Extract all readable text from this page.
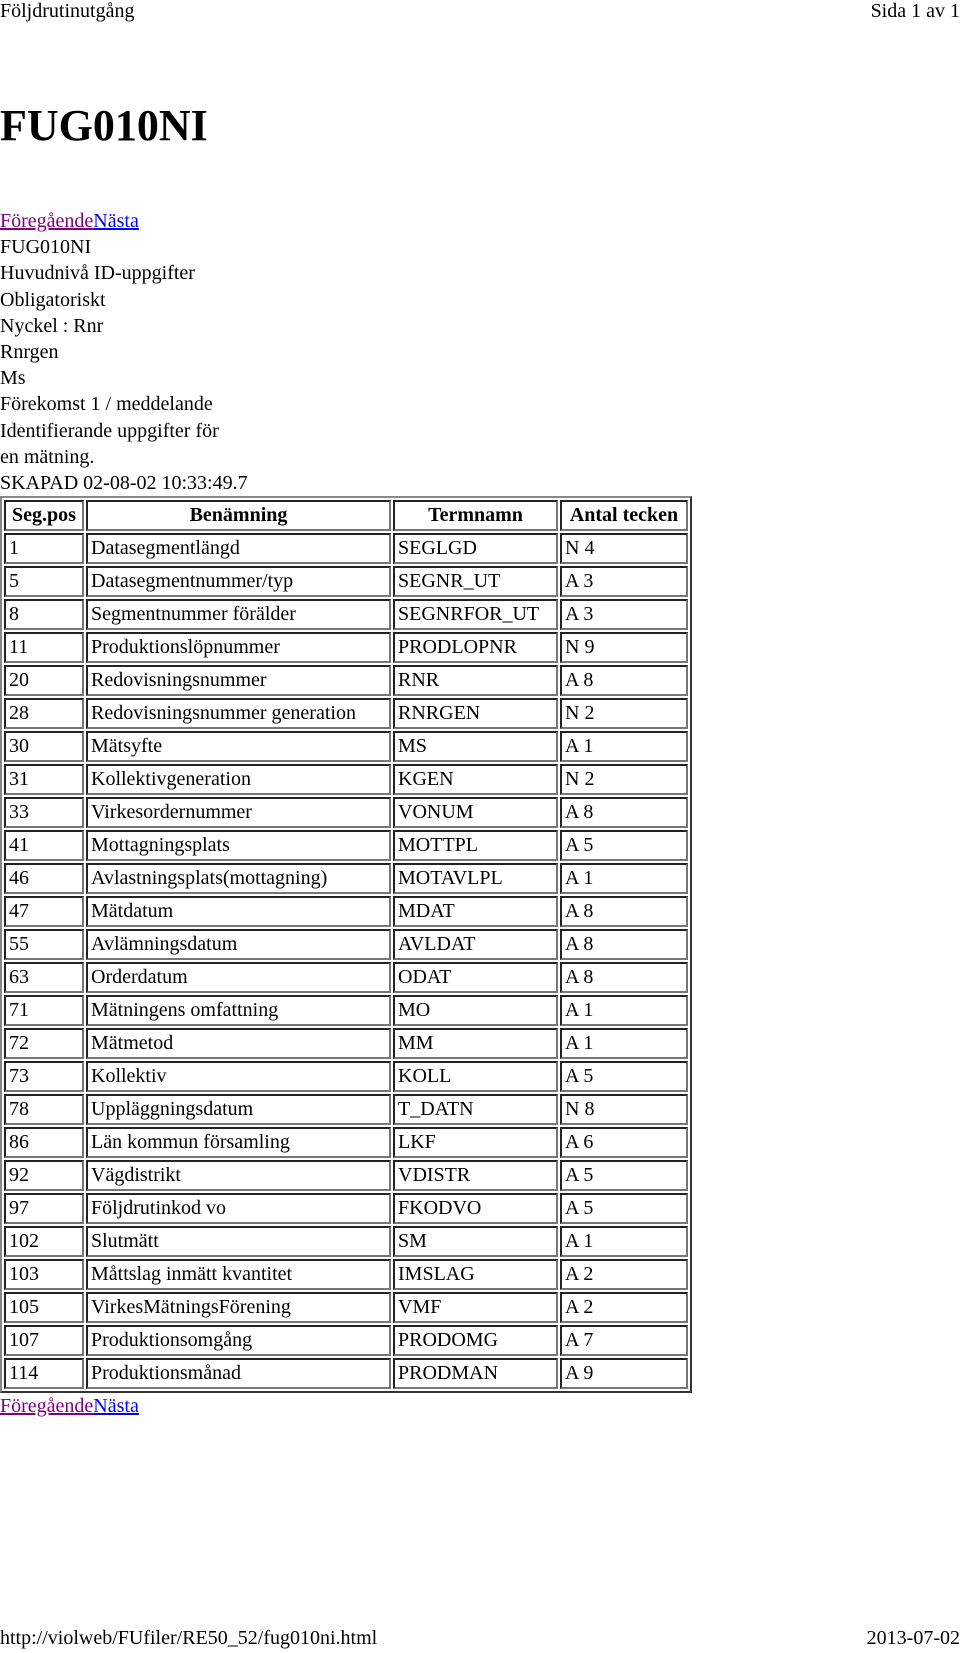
Följdrutinutgång	Sida 1 av 1
FUG010NI
FöregåendeNästa
FUG010NI
Huvudnivå ID-uppgifter
Obligatoriskt
Nyckel : Rnr
Rnrgen
Ms
Förekomst 1 / meddelande
Identifierande uppgifter för
en mätning.
SKAPAD 02-08-02 10:33:49.7
Seg.pos	Benämning	Termnamn	Antal tecken
1	Datasegmentlängd	SEGLGD	N 4
5	Datasegmentnummer/typ	SEGNR_UT	A 3
8	Segmentnummer förälder	SEGNRFOR_UT	A 3
11	Produktionslöpnummer	PRODLOPNR	N 9
20	Redovisningsnummer	RNR	A 8
28	Redovisningsnummer generation	RNRGEN	N 2
30	Mätsyfte	MS	A 1
31	Kollektivgeneration	KGEN	N 2
33	Virkesordernummer	VONUM	A 8
41	Mottagningsplats	MOTTPL	A 5
46	Avlastningsplats(mottagning)	MOTAVLPL	A 1
47	Mätdatum	MDAT	A 8
55	Avlämningsdatum	AVLDAT	A 8
63	Orderdatum	ODAT	A 8
71	Mätningens omfattning	MO	A 1
72	Mätmetod	MM	A 1
73	Kollektiv	KOLL	A 5
78	Uppläggningsdatum	T_DATN	N 8
86	Län kommun församling	LKF	A 6
92	Vägdistrikt	VDISTR	A 5
97	Följdrutinkod vo	FKODVO	A 5
102	Slutmätt	SM	A 1
103	Måttslag inmätt kvantitet	IMSLAG	A 2
105	VirkesMätningsFörening	VMF	A 2
107	Produktionsomgång	PRODOMG	A 7
114	Produktionsmånad	PRODMAN	A 9
FöregåendeNästa
http://violweb/FUfiler/RE50_52/fug010ni.html	2013-07-02
